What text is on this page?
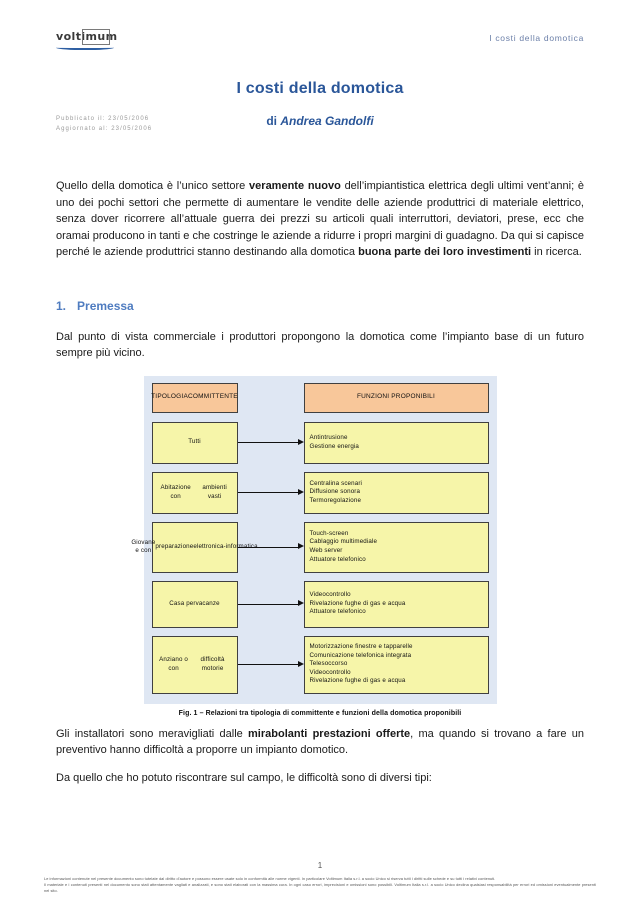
voltimum	I costi della domotica
I costi della domotica
Pubblicato il: 23/05/2006
Aggiornato al: 23/05/2006
di Andrea Gandolfi

Quello della domotica è l’unico settore veramente nuovo dell’impiantistica elettrica degli ultimi vent’anni; è uno dei pochi settori che permette di aumentare le vendite delle aziende produttrici di materiale elettrico, senza dover ricorrere all’attuale guerra dei prezzi su articoli quali interruttori, deviatori, prese, ecc che oramai producono in tanti e che costringe le aziende a ridurre i propri margini di guadagno. Da qui si capisce perché le aziende produttrici stanno destinando alla domotica buona parte dei loro investimenti in ricerca.

1. Premessa

Dal punto di vista commerciale i produttori propongono la domotica come l’impianto base di un futuro sempre più vicino.

TIPOLOGIA COMMITTENTE	FUNZIONI PROPONIBILI
Tutti
Antintrusione
Gestione energia
Abitazione con
ambienti vasti
Centralina scenari
Diffusione sonora
Termoregolazione
Giovane e con
preparazione elettronica- informatica
Touch-screen
Cablaggio multimediale
Web server
Attuatore telefonico
Casa per vacanze
Videocontrollo
Rivelazione fughe di gas e acqua
Attuatore telefonico
Anziano o con
difficoltà motorie
Motorizzazione finestre e tapparelle
Comunicazione telefonica integrata
Telesoccorso
Videocontrollo
Rivelazione fughe di gas e acqua
Fig. 1 – Relazioni tra tipologia di committente e funzioni della domotica proponibili

Gli installatori sono meravigliati dalle mirabolanti prestazioni offerte, ma quando si trovano a fare un preventivo hanno difficoltà a proporre un impianto domotico.

Da quello che ho potuto riscontrare sul campo, le difficoltà sono di diversi tipi:

1

Le informazioni contenute nel presente documento sono tutelate dal diritto d’autore e possono essere usate solo in conformità alle norme vigenti. In particolare Voltimum Italia s.r.l. a socio Unico si riserva tutti i diritti sulle schede e su tutti i relativi contenuti.

Il materiale e i contenuti presenti nel documento sono stati attentamente vagliati e analizzati, e sono stati elaborati con la massima cura. In ogni caso errori, imprecisioni e omissioni sono possibili. Voltimum Italia s.r.l. a socio Unico declina qualsiasi responsabilità per errori ed omissioni eventualmente presenti nel sito.
